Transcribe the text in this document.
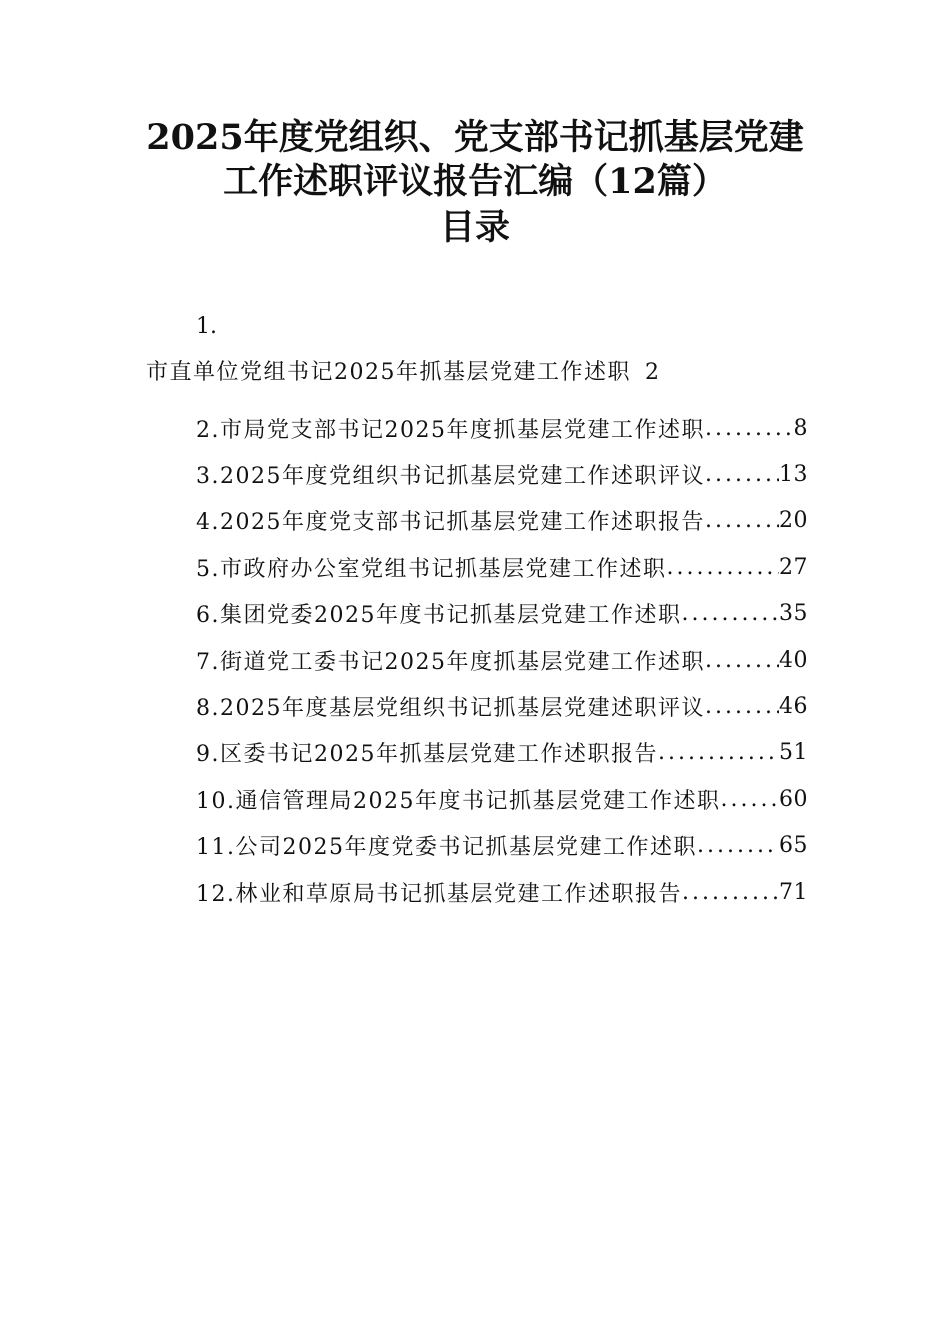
2025年度党组织、党支部书记抓基层党建
工作述职评议报告汇编（12篇）
目录
1.
市直单位党组书记2025年抓基层党建工作述职 2
2.市局党支部书记2025年度抓基层党建工作述职 .....	8
3.2025年度党组织书记抓基层党建工作述职评议 .....	13
4.2025年度党支部书记抓基层党建工作述职报告 .....	20
5.市政府办公室党组书记抓基层党建工作述职 .....	27
6.集团党委2025年度书记抓基层党建工作述职 .....	35
7.街道党工委书记2025年度抓基层党建工作述职 .....	40
8.2025年度基层党组织书记抓基层党建述职评议 .....	46
9.区委书记2025年抓基层党建工作述职报告 .....	51
10.通信管理局2025年度书记抓基层党建工作述职 .....	60
11.公司2025年度党委书记抓基层党建工作述职 .....	65
12.林业和草原局书记抓基层党建工作述职报告 .....	71
